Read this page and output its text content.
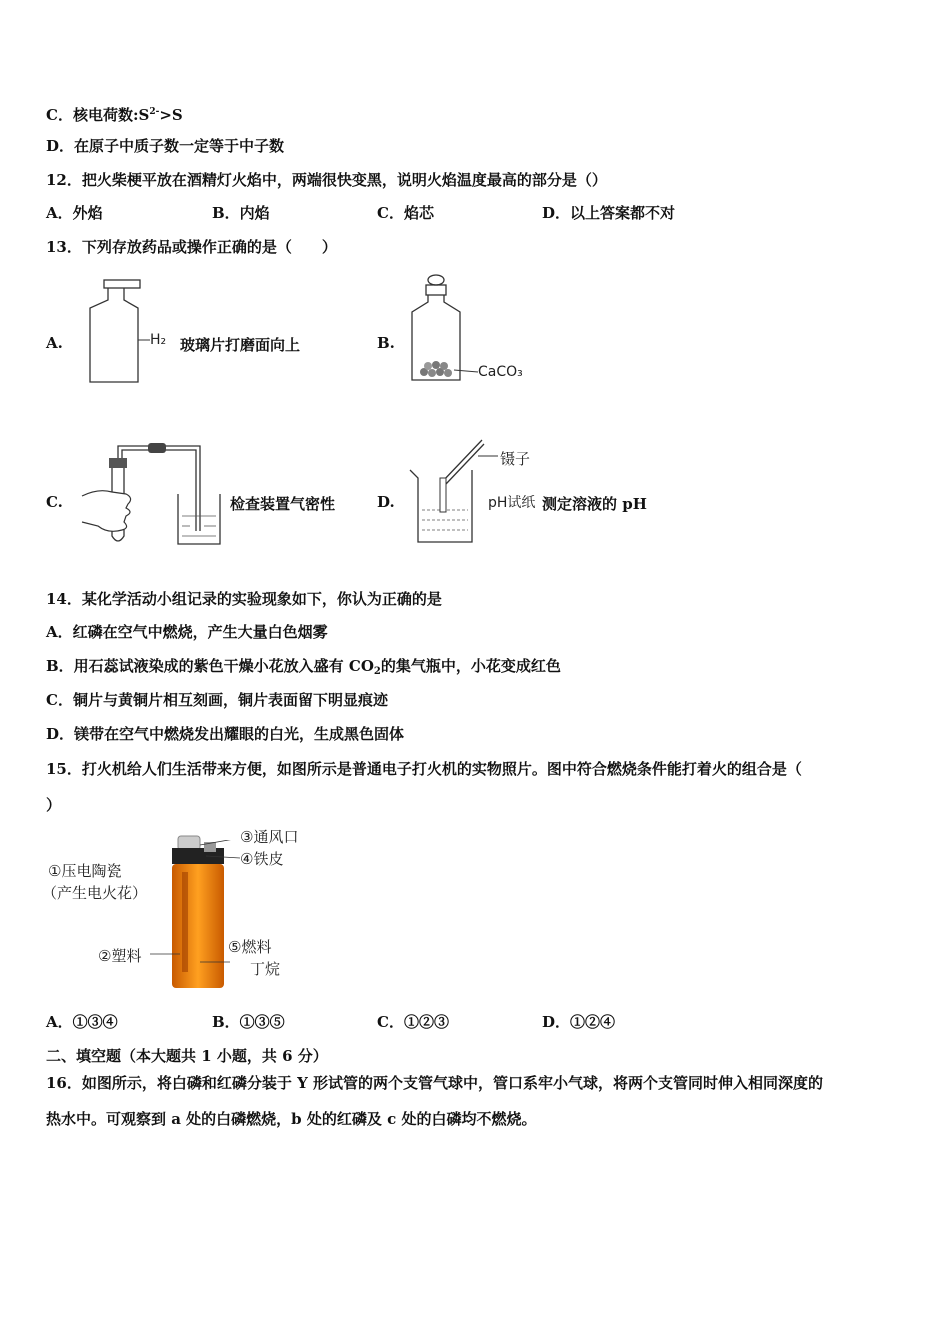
C．核电荷数$:S^{2-}>S$
D．在原子中质子数一定等于中子数
12．把火柴梗平放在酒精灯火焰中，两端很快变黑，说明火焰温度最高的部分是（）
A．外焰	B．内焰	C．焰芯	D．以上答案都不对
13．下列存放药品或操作正确的是（　　）
A.	H₂ 玻璃片打磨面向上	B.
CaCO₃
C.	检查装置气密性	D.
镊子
pH试纸 测定溶液的 pH
14．某化学活动小组记录的实验现象如下，你认为正确的是
A．红磷在空气中燃烧，产生大量白色烟雾
B．用石蕊试液染成的紫色干燥小花放入盛有 $CO_2$的集气瓶中，小花变成红色
C．铜片与黄铜片相互刻画，铜片表面留下明显痕迹
D．镁带在空气中燃烧发出耀眼的白光，生成黑色固体
15．打火机给人们生活带来方便，如图所示是普通电子打火机的实物照片。图中符合燃烧条件能打着火的组合是（
）
③通风口
④铁皮
①压电陶瓷
（产生电火花）
②塑料	⑤燃料
丁烷
A．①③④	B．①③⑤	C．①②③	D．①②④
二、填空题（本大题共 1 小题，共 6 分）
16．如图所示，将白磷和红磷分装于 Y 形试管的两个支管气球中，管口系牢小气球，将两个支管同时伸入相同深度的
热水中。可观察到 a 处的白磷燃烧，b 处的红磷及 c 处的白磷均不燃烧。
